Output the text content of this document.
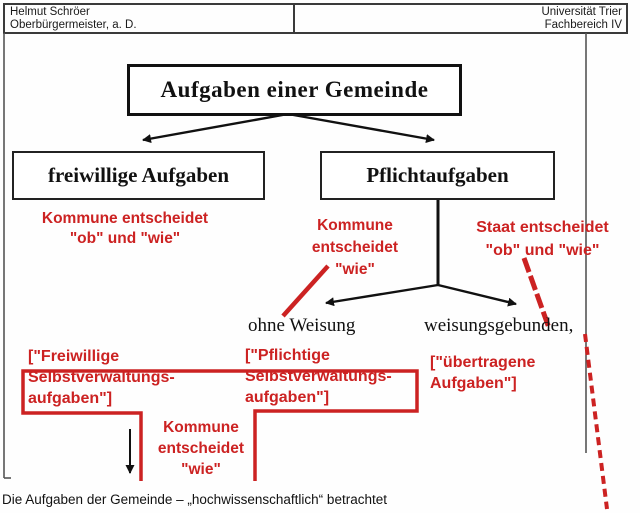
Helmut Schröer
Oberbürgermeister, a. D.
Universität Trier
Fachbereich IV
Aufgaben einer Gemeinde
freiwillige Aufgaben	Pflichtaufgaben
Kommune entscheidet
"ob" und "wie"
Kommune
entscheidet
"wie"
Staat entscheidet
"ob" und "wie"
ohne Weisung	weisungsgebunden,
["Freiwillige
Selbstverwaltungs-
aufgaben"]
["Pflichtige
Selbstverwaltungs-
aufgaben"]
["übertragene
Aufgaben"]
Kommune
entscheidet
"wie"
Die Aufgaben der Gemeinde – „hochwissenschaftlich“ betrachtet
